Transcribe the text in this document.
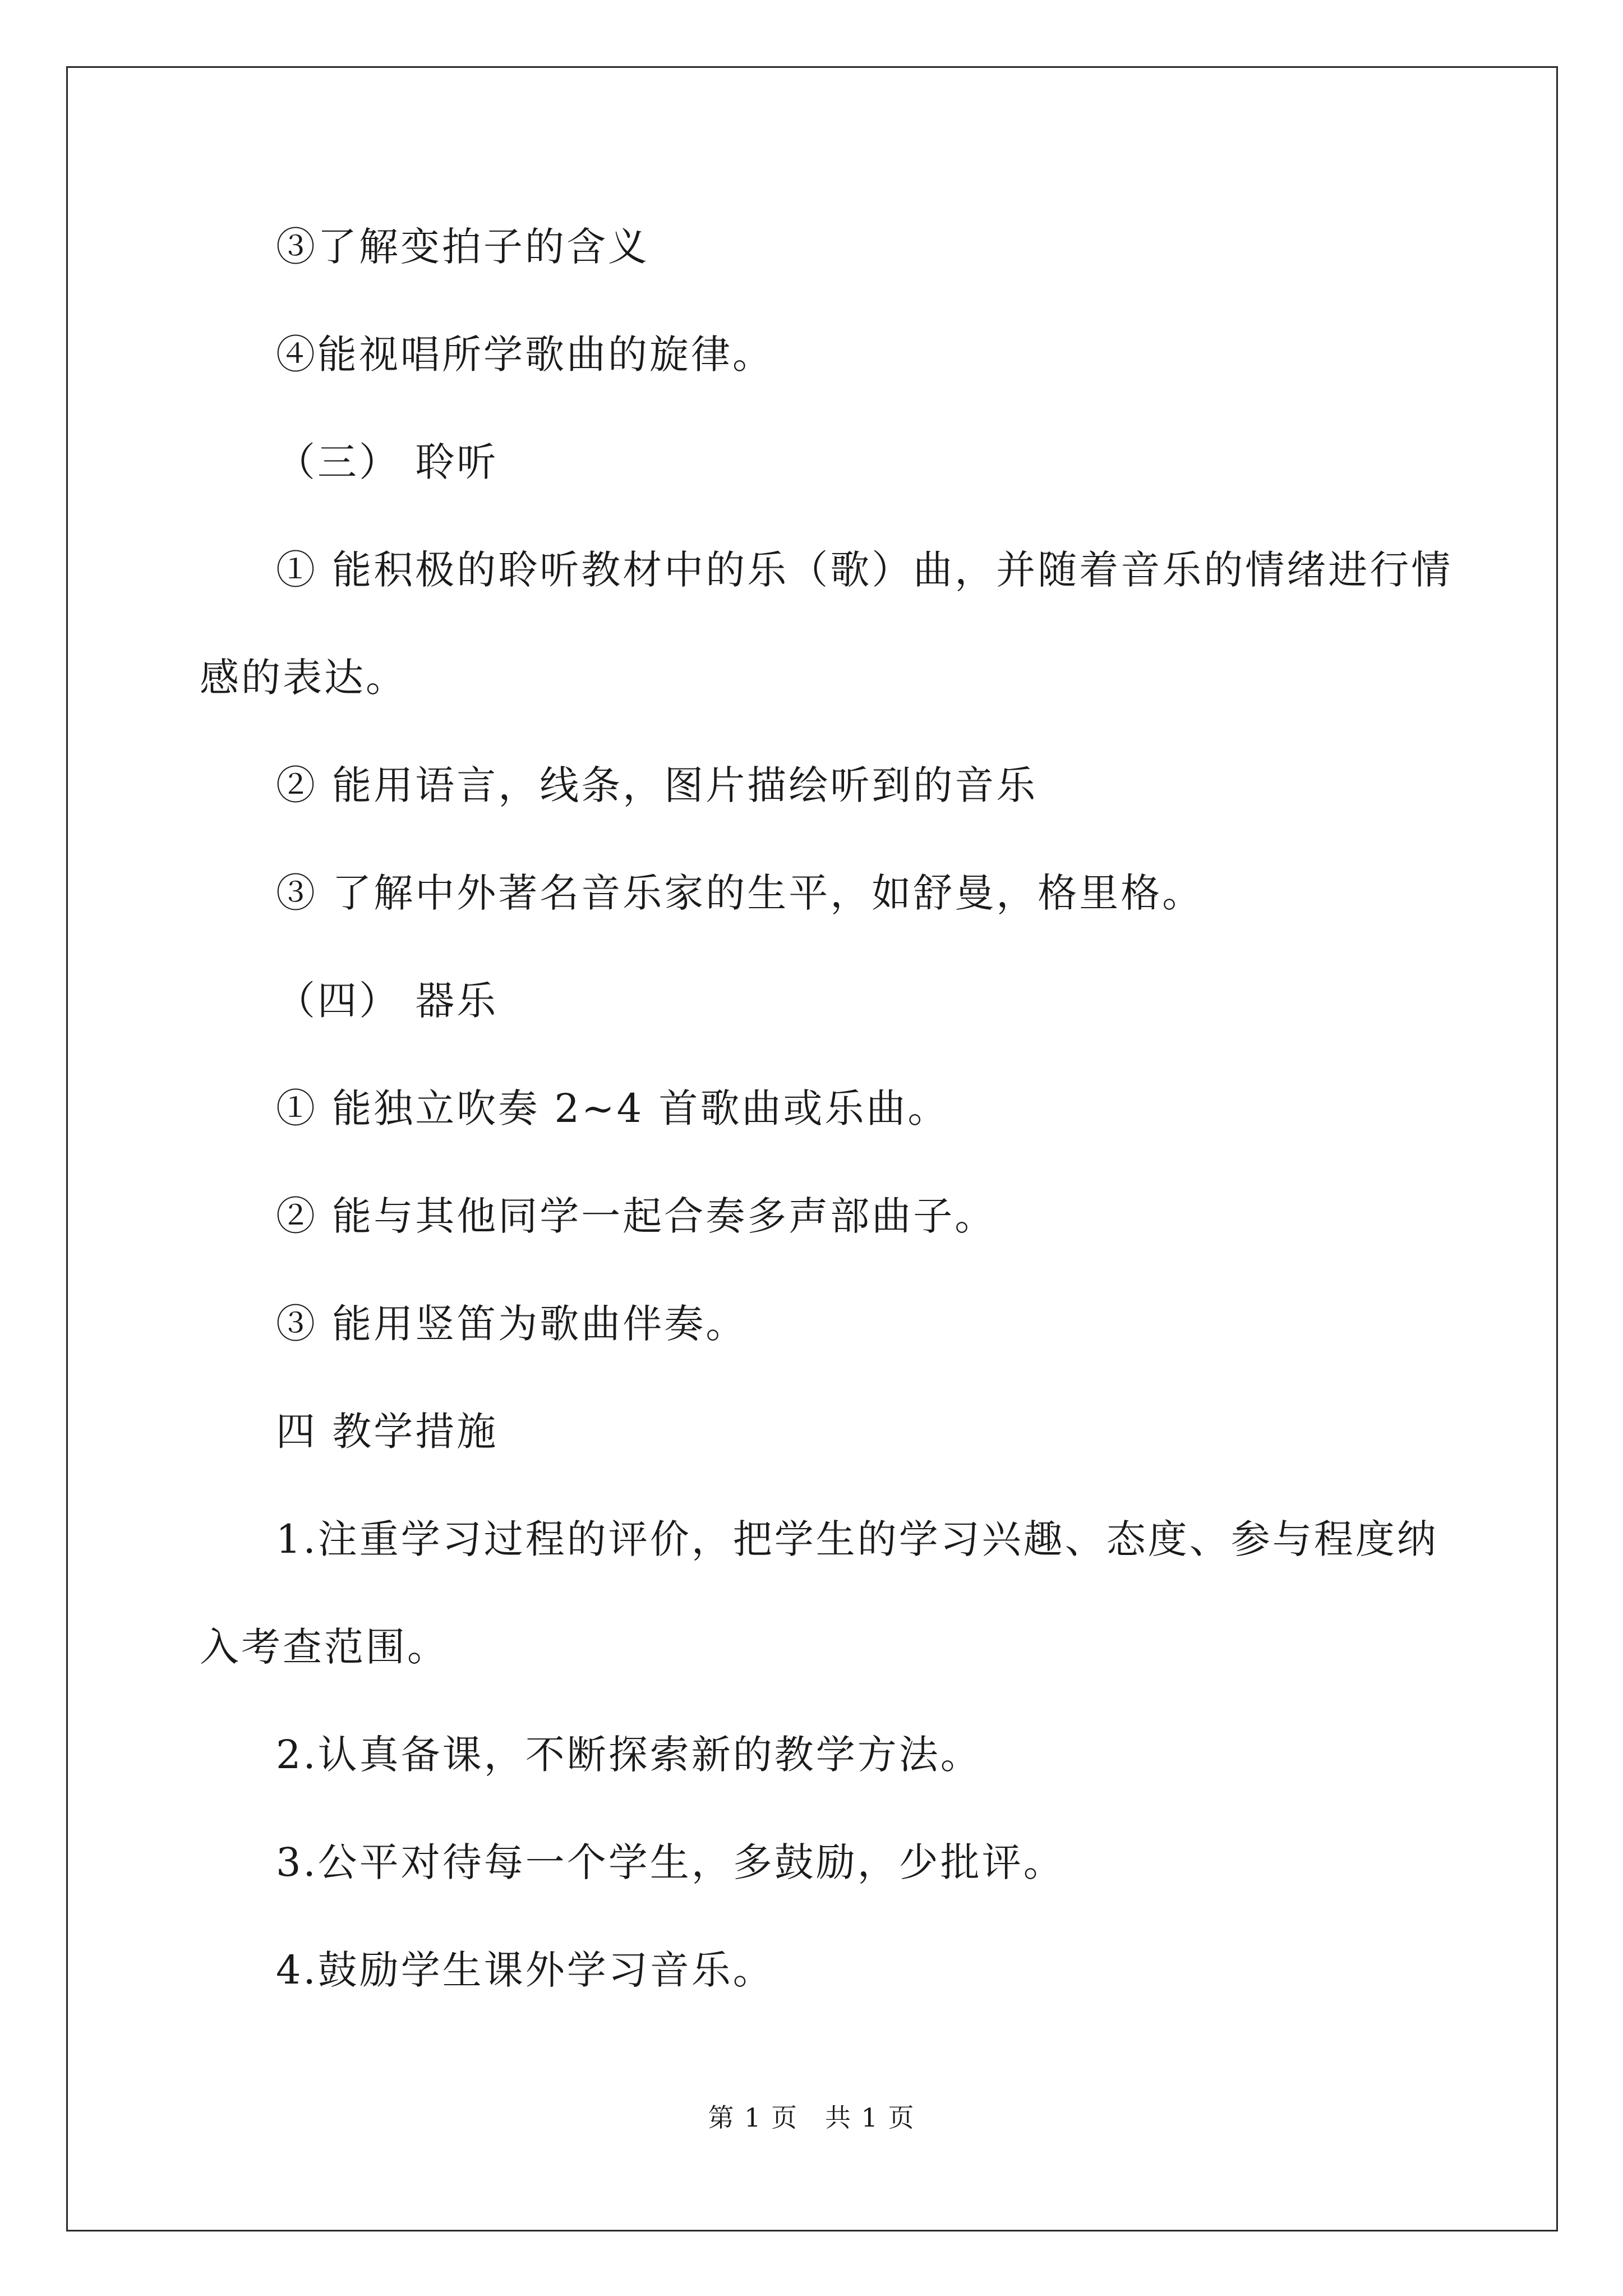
③了解变拍子的含义
④能视唱所学歌曲的旋律。
（三） 聆听
① 能积极的聆听教材中的乐（歌）曲，并随着音乐的情绪进行情
感的表达。
② 能用语言，线条，图片描绘听到的音乐
③ 了解中外著名音乐家的生平，如舒曼，格里格。
（四） 器乐
① 能独立吹奏 2~4 首歌曲或乐曲。
② 能与其他同学一起合奏多声部曲子。
③ 能用竖笛为歌曲伴奏。
四 教学措施
1.注重学习过程的评价，把学生的学习兴趣、态度、参与程度纳
入考查范围。
2.认真备课，不断探索新的教学方法。
3.公平对待每一个学生，多鼓励，少批评。
4.鼓励学生课外学习音乐。
第 1 页　共 1 页
